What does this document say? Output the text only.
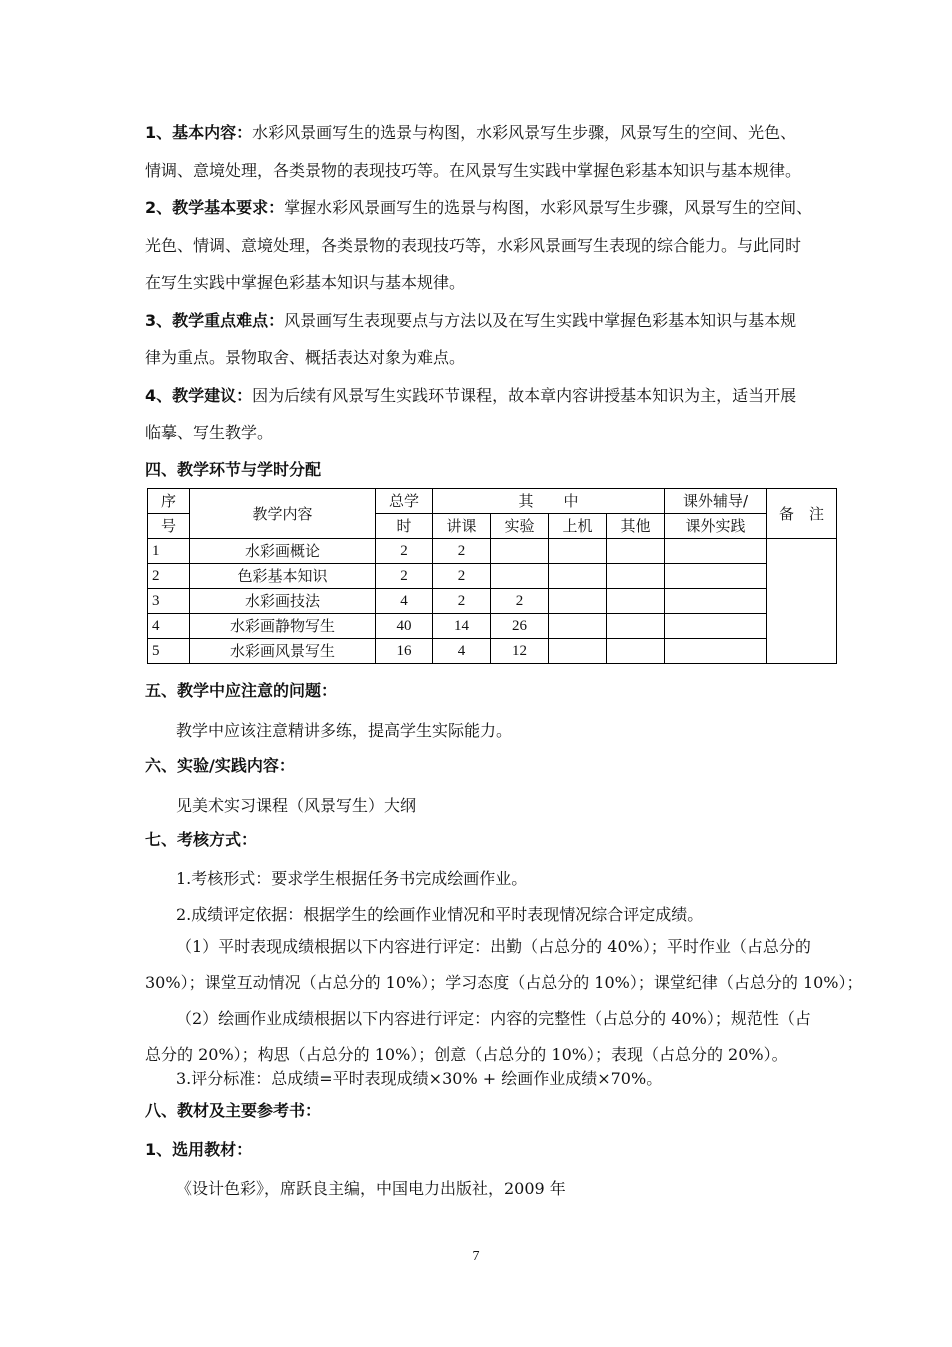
1、基本内容：水彩风景画写生的选景与构图，水彩风景写生步骤，风景写生的空间、光色、
情调、意境处理，各类景物的表现技巧等。在风景写生实践中掌握色彩基本知识与基本规律。
2、教学基本要求：掌握水彩风景画写生的选景与构图，水彩风景写生步骤，风景写生的空间、
光色、情调、意境处理，各类景物的表现技巧等，水彩风景画写生表现的综合能力。与此同时
在写生实践中掌握色彩基本知识与基本规律。
3、教学重点难点：风景画写生表现要点与方法以及在写生实践中掌握色彩基本知识与基本规
律为重点。景物取舍、概括表达对象为难点。
4、教学建议：因为后续有风景写生实践环节课程，故本章内容讲授基本知识为主，适当开展
临摹、写生教学。
四、教学环节与学时分配
序	教学内容	总学	其　　中				课外辅导/	备　注
号		时	讲课	实验	上机	其他	课外实践	
1	水彩画概论	2	2					
2	色彩基本知识	2	2					
3	水彩画技法	4	2	2				
4	水彩画静物写生	40	14	26				
5	水彩画风景写生	16	4	12				
五、教学中应注意的问题：
教学中应该注意精讲多练，提高学生实际能力。
六、实验/实践内容：
见美术实习课程（风景写生）大纲
七、考核方式：
1.考核形式：要求学生根据任务书完成绘画作业。
2.成绩评定依据：根据学生的绘画作业情况和平时表现情况综合评定成绩。
（1）平时表现成绩根据以下内容进行评定：出勤（占总分的 40%）；平时作业（占总分的
30%）；课堂互动情况（占总分的 10%）；学习态度（占总分的 10%）；课堂纪律（占总分的 10%）；
（2）绘画作业成绩根据以下内容进行评定：内容的完整性（占总分的 40%）；规范性（占
总分的 20%）；构思（占总分的 10%）；创意（占总分的 10%）；表现（占总分的 20%）。
3.评分标准：总成绩=平时表现成绩×30% + 绘画作业成绩×70%。
八、教材及主要参考书：
1、选用教材：
《设计色彩》，席跃良主编，中国电力出版社，2009 年
7
